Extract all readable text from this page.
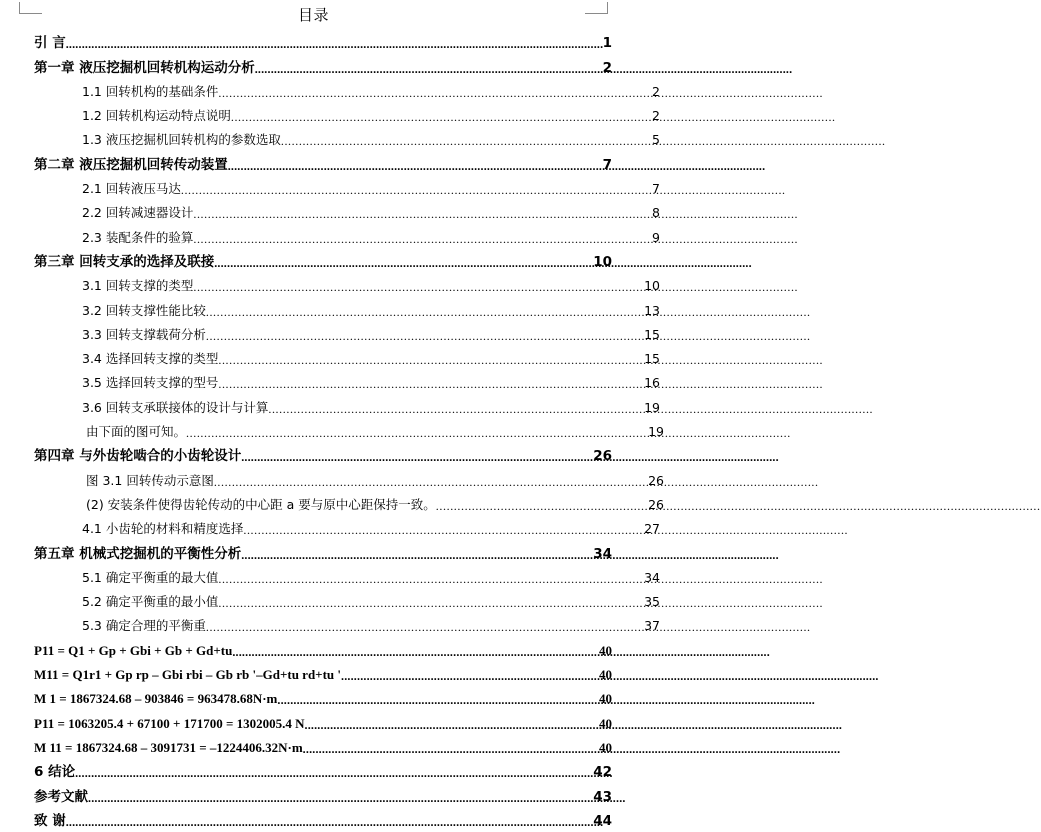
目录
引 言 .....	1
第一章 液压挖掘机回转机构运动分析 .....	2
1.1 回转机构的基础条件 .....	2
1.2 回转机构运动特点说明 .....	2
1.3 液压挖掘机回转机构的参数选取 .....	5
第二章 液压挖掘机回转传动装置 .....	7
2.1 回转液压马达 .....	7
2.2 回转减速器设计 .....	8
2.3 装配条件的验算 .....	9
第三章 回转支承的选择及联接 .....	10
3.1 回转支撑的类型 .....	10
3.2 回转支撑性能比较 .....	13
3.3 回转支撑载荷分析 .....	15
3.4 选择回转支撑的类型 .....	15
3.5 选择回转支撑的型号 .....	16
3.6 回转支承联接体的设计与计算 .....	19
由下面的图可知。 .....	19
第四章 与外齿轮啮合的小齿轮设计 .....	26
图 3.1 回转传动示意图 .....	26
(2) 安装条件使得齿轮传动的中心距 a 要与原中心距保持一致。 .....	26
4.1 小齿轮的材料和精度选择 .....	27
第五章 机械式挖掘机的平衡性分析 .....	34
5.1 确定平衡重的最大值 .....	34
5.2 确定平衡重的最小值 .....	35
5.3 确定合理的平衡重 .....	37
P11 = Q1 + Gp + Gbi + Gb + Gd+tu .....	40
M11 = Q1r1 + Gp rp – Gbi rbi – Gb rb '–Gd+tu rd+tu ' .....	40
M 1 = 1867324.68 – 903846 = 963478.68N·m .....	40
P11 = 1063205.4 + 67100 + 171700 = 1302005.4 N .....	40
M 11 = 1867324.68 – 3091731 = –1224406.32N·m .....	40
6 结论 .....	42
参考文献 .....	43
致 谢 .....	44
